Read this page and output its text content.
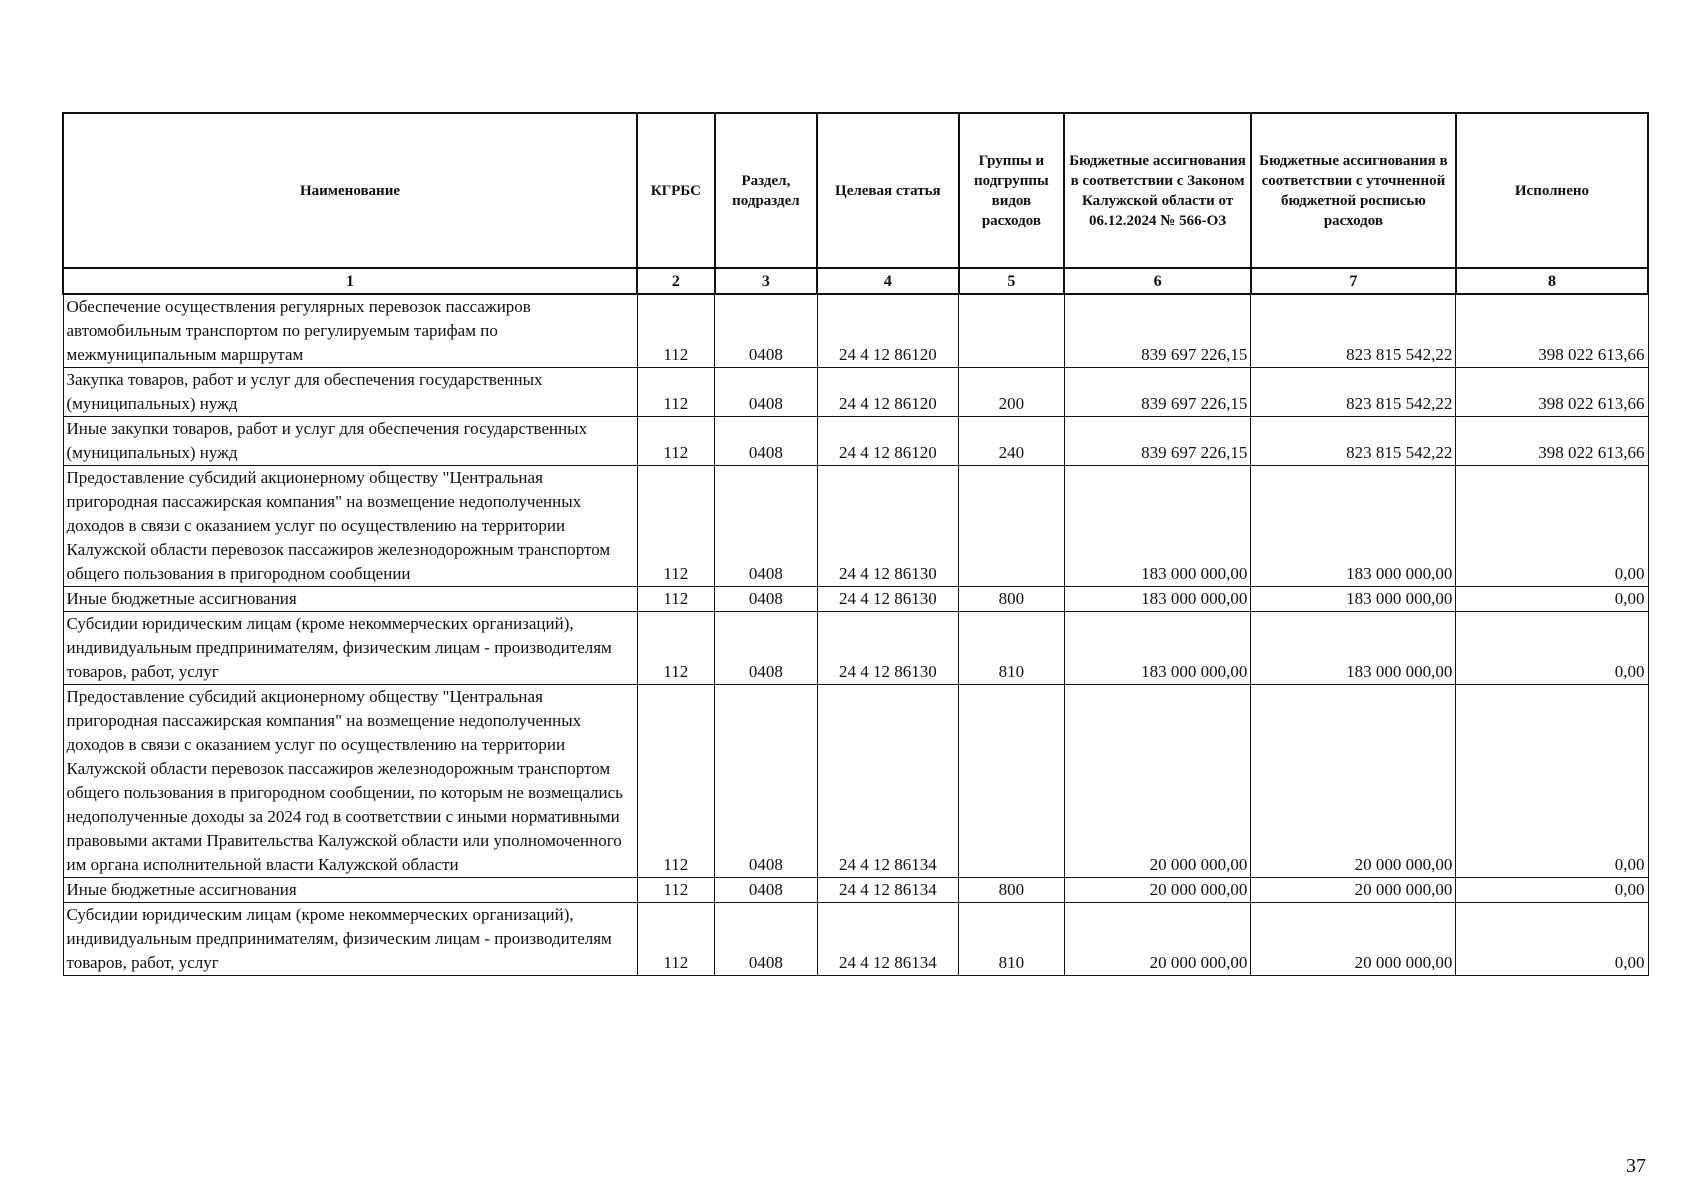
Наименование	КГРБС	Раздел, подраздел	Целевая статья	Группы и подгруппы видов расходов	Бюджетные ассигнования в соответствии с Законом Калужской области от 06.12.2024 № 566-ОЗ	Бюджетные ассигнования в соответствии с уточненной бюджетной росписью расходов	Исполнено
1	2	3	4	5	6	7	8
Обеспечение осуществления регулярных перевозок пассажиров автомобильным транспортом по регулируемым тарифам по межмуниципальным маршрутам	112	0408	24 4 12 86120		839 697 226,15	823 815 542,22	398 022 613,66
Закупка товаров, работ и услуг для обеспечения государственных (муниципальных) нужд	112	0408	24 4 12 86120	200	839 697 226,15	823 815 542,22	398 022 613,66
Иные закупки товаров, работ и услуг для обеспечения государственных (муниципальных) нужд	112	0408	24 4 12 86120	240	839 697 226,15	823 815 542,22	398 022 613,66
Предоставление субсидий акционерному обществу "Центральная пригородная пассажирская компания" на возмещение недополученных доходов в связи с оказанием услуг по осуществлению на территории Калужской области перевозок пассажиров железнодорожным транспортом общего пользования в пригородном сообщении	112	0408	24 4 12 86130		183 000 000,00	183 000 000,00	0,00
Иные бюджетные ассигнования	112	0408	24 4 12 86130	800	183 000 000,00	183 000 000,00	0,00
Субсидии юридическим лицам (кроме некоммерческих организаций), индивидуальным предпринимателям, физическим лицам - производителям товаров, работ, услуг	112	0408	24 4 12 86130	810	183 000 000,00	183 000 000,00	0,00
Предоставление субсидий акционерному обществу "Центральная пригородная пассажирская компания" на возмещение недополученных доходов в связи с оказанием услуг по осуществлению на территории Калужской области перевозок пассажиров железнодорожным транспортом общего пользования в пригородном сообщении, по которым не возмещались недополученные доходы за 2024 год в соответствии с иными нормативными правовыми актами Правительства Калужской области или уполномоченного им органа исполнительной власти Калужской области	112	0408	24 4 12 86134		20 000 000,00	20 000 000,00	0,00
Иные бюджетные ассигнования	112	0408	24 4 12 86134	800	20 000 000,00	20 000 000,00	0,00
Субсидии юридическим лицам (кроме некоммерческих организаций), индивидуальным предпринимателям, физическим лицам - производителям товаров, работ, услуг	112	0408	24 4 12 86134	810	20 000 000,00	20 000 000,00	0,00
37
